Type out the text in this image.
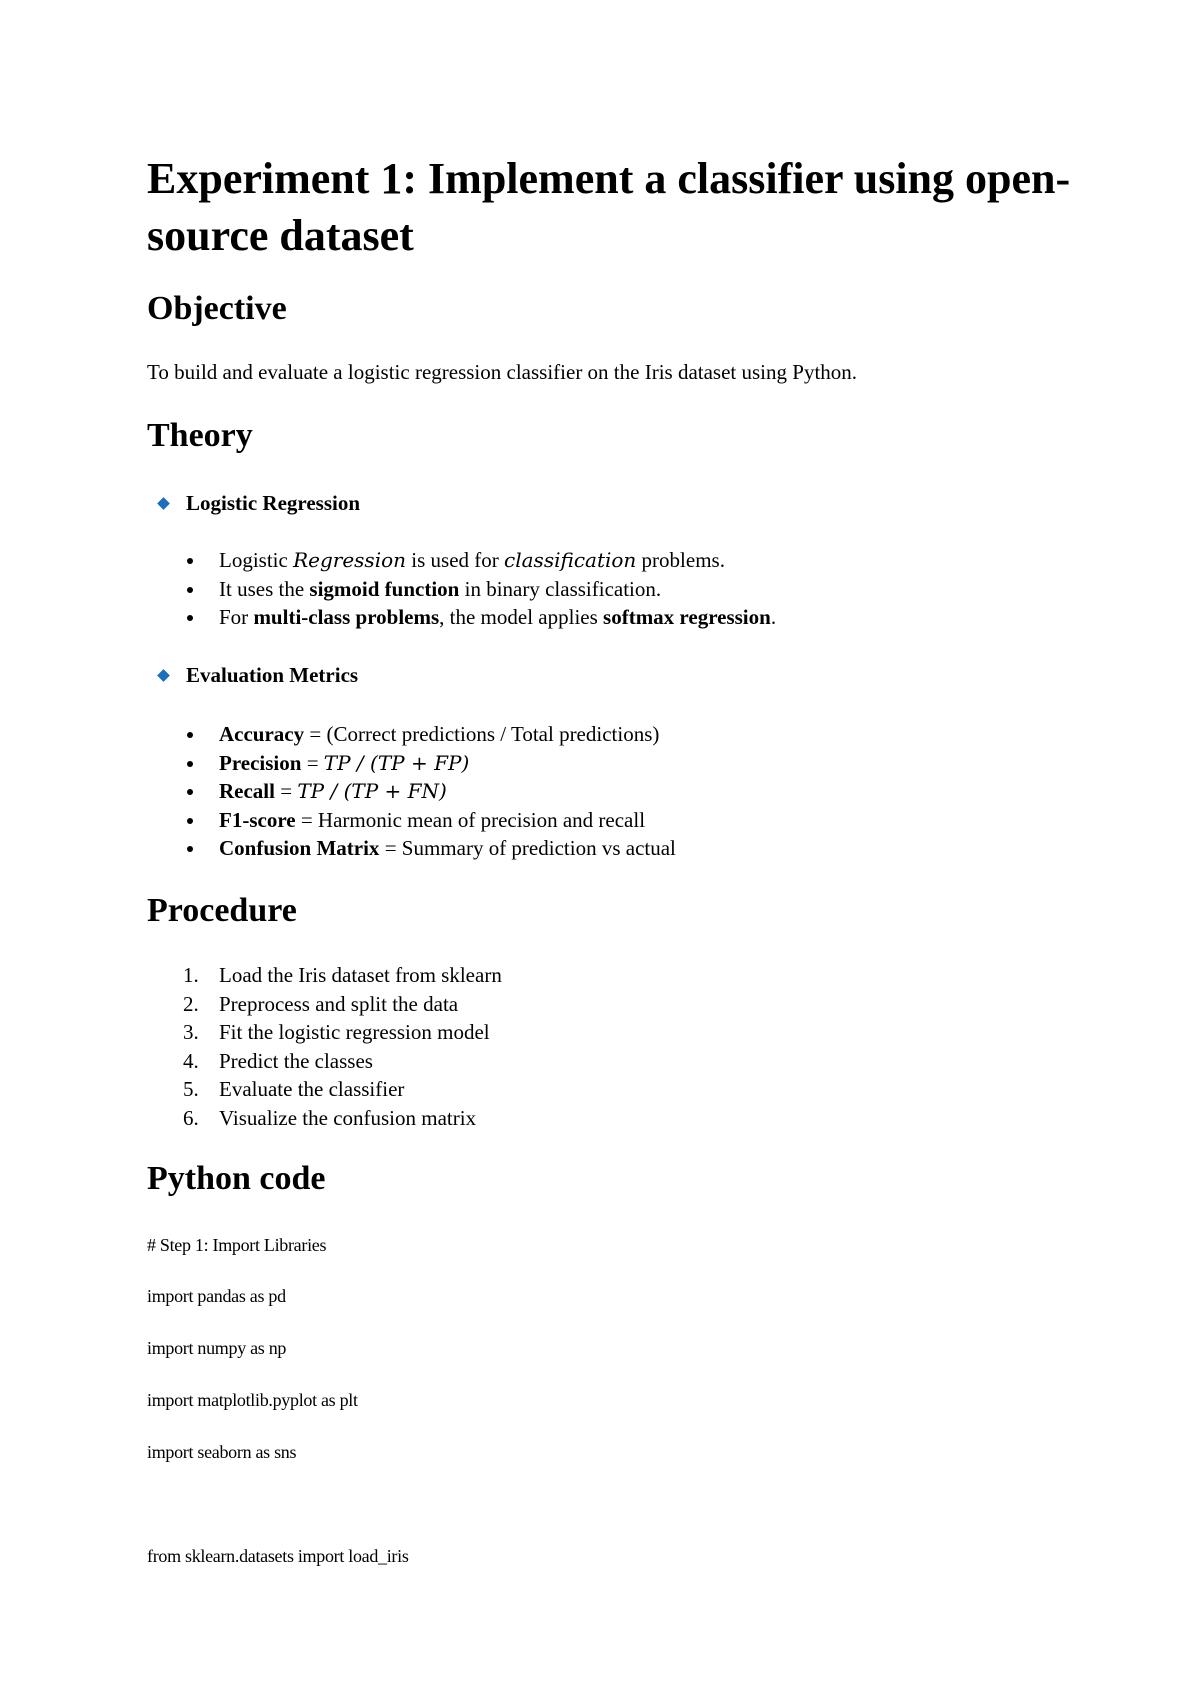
Experiment 1: Implement a classifier using open-source dataset
Objective

To build and evaluate a logistic regression classifier on the Iris dataset using Python.

Theory
Logistic Regression
Logistic Regression is used for classification problems.
It uses the sigmoid function in binary classification.
For multi-class problems, the model applies softmax regression.
Evaluation Metrics
Accuracy = (Correct predictions / Total predictions)
Precision = TP / (TP + FP)
Recall = TP / (TP + FN)
F1-score = Harmonic mean of precision and recall
Confusion Matrix = Summary of prediction vs actual
Procedure
1. Load the Iris dataset from sklearn
2. Preprocess and split the data
3. Fit the logistic regression model
4. Predict the classes
5. Evaluate the classifier
6. Visualize the confusion matrix
Python code
# Step 1: Import Libraries
import pandas as pd
import numpy as np
import matplotlib.pyplot as plt
import seaborn as sns
from sklearn.datasets import load_iris
